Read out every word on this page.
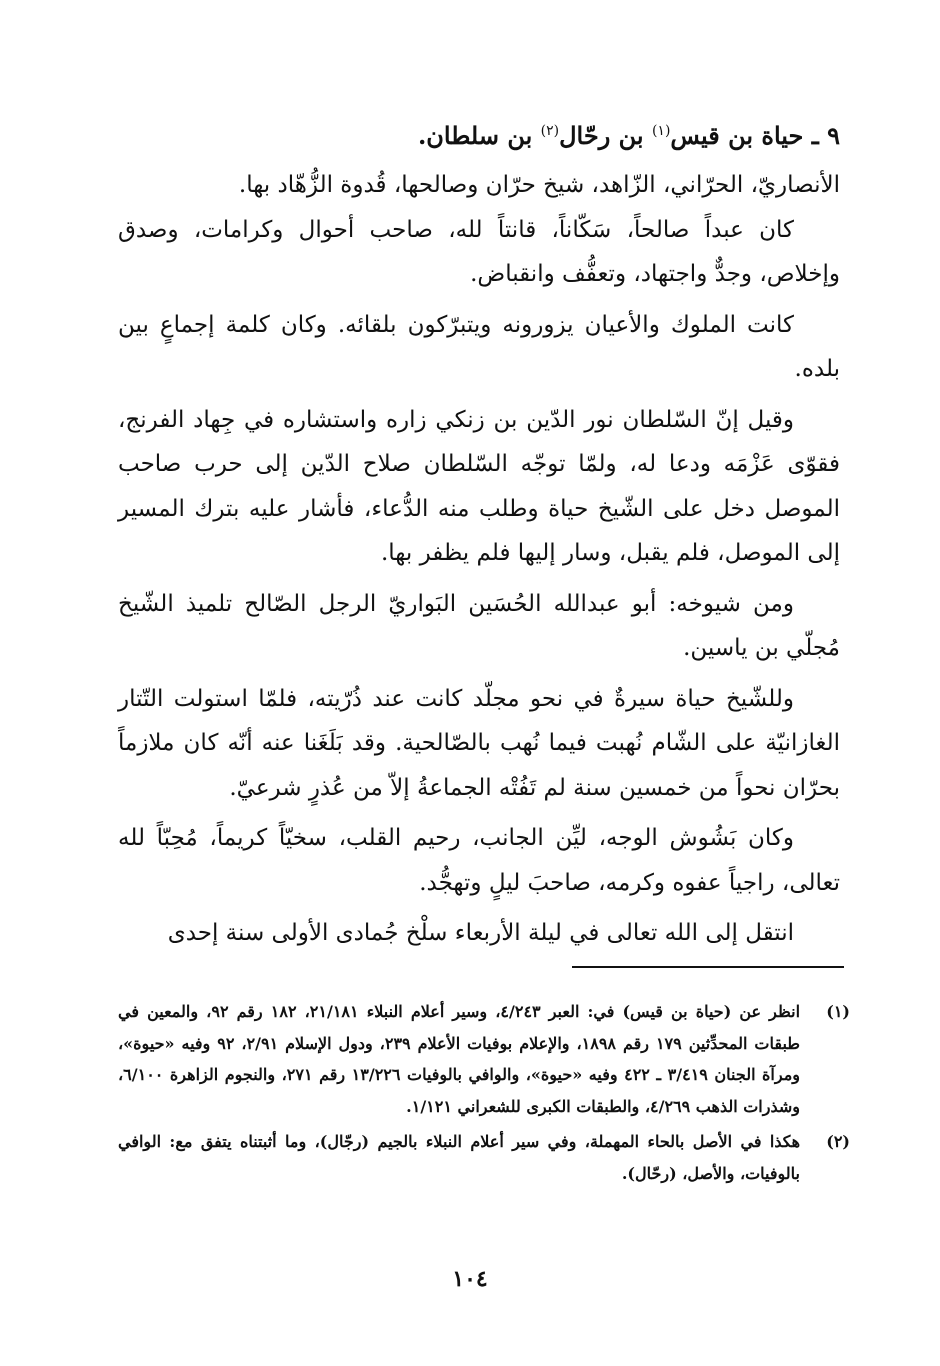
٩ ـ حياة بن قيس$^{(١)}$ بن رحّال$^{(٢)}$ بن سلطان.

الأنصاريّ، الحرّاني، الزّاهد، شيخ حرّان وصالحها، قُدوة الزُّهّاد بها.

كان عبداً صالحاً، سَكّاناً، قانتاً لله، صاحب أحوال وكرامات، وصدق وإخلاص، وجدٌّ واجتهاد، وتعفُّف وانقباض.

كانت الملوك والأعيان يزورونه ويتبرّكون بلقائه. وكان كلمة إجماعٍ بين بلده.

وقيل إنّ السّلطان نور الدّين بن زنكي زاره واستشاره في جِهاد الفرنج، فقوّى عَزْمَه ودعا له، ولمّا توجّه السّلطان صلاح الدّين إلى حرب صاحب الموصل دخل على الشّيخ حياة وطلب منه الدُّعاء، فأشار عليه بترك المسير إلى الموصل، فلم يقبل، وسار إليها فلم يظفر بها.

ومن شيوخه: أبو عبدالله الحُسَين البَواريّ الرجل الصّالح تلميذ الشّيخ مُجلّي بن ياسين.

وللشّيخ حياة سيرةٌ في نحو مجلّد كانت عند ذُرّيته، فلمّا استولت التّتار الغازانيّة على الشّام نُهبت فيما نُهب بالصّالحية. وقد بَلَغَنا عنه أنّه كان ملازماً بحرّان نحواً من خمسين سنة لم تَفُتْه الجماعةُ إلاّ من عُذرٍ شرعيّ.

وكان بَشُوش الوجه، ليِّن الجانب، رحيم القلب، سخيّاً كريماً، مُحِبّاً لله تعالى، راجياً عفوه وكرمه، صاحبَ ليلٍ وتهجُّد.

انتقل إلى الله تعالى في ليلة الأربعاء سلْخ جُمادى الأولى سنة إحدى

(١)
انظر عن (حياة بن قيس) في: العبر ٤/٢٤٣، وسير أعلام النبلاء ٢١/١٨١، ١٨٢ رقم ٩٢، والمعين في طبقات المحدِّثين ١٧٩ رقم ١٨٩٨، والإعلام بوفيات الأعلام ٢٣٩، ودول الإسلام ٢/٩١، ٩٢ وفيه «حيوة»، ومرآة الجنان ٣/٤١٩ ـ ٤٢٢ وفيه «حيوة»، والوافي بالوفيات ١٣/٢٢٦ رقم ٢٧١، والنجوم الزاهرة ٦/١٠٠، وشذرات الذهب ٤/٢٦٩، والطبقات الكبرى للشعراني ١/١٢١.
(٢)
هكذا في الأصل بالحاء المهملة، وفي سير أعلام النبلاء بالجيم (رجّال)، وما أثبتناه يتفق مع: الوافي بالوفيات، والأصل، (رحّال).
١٠٤
